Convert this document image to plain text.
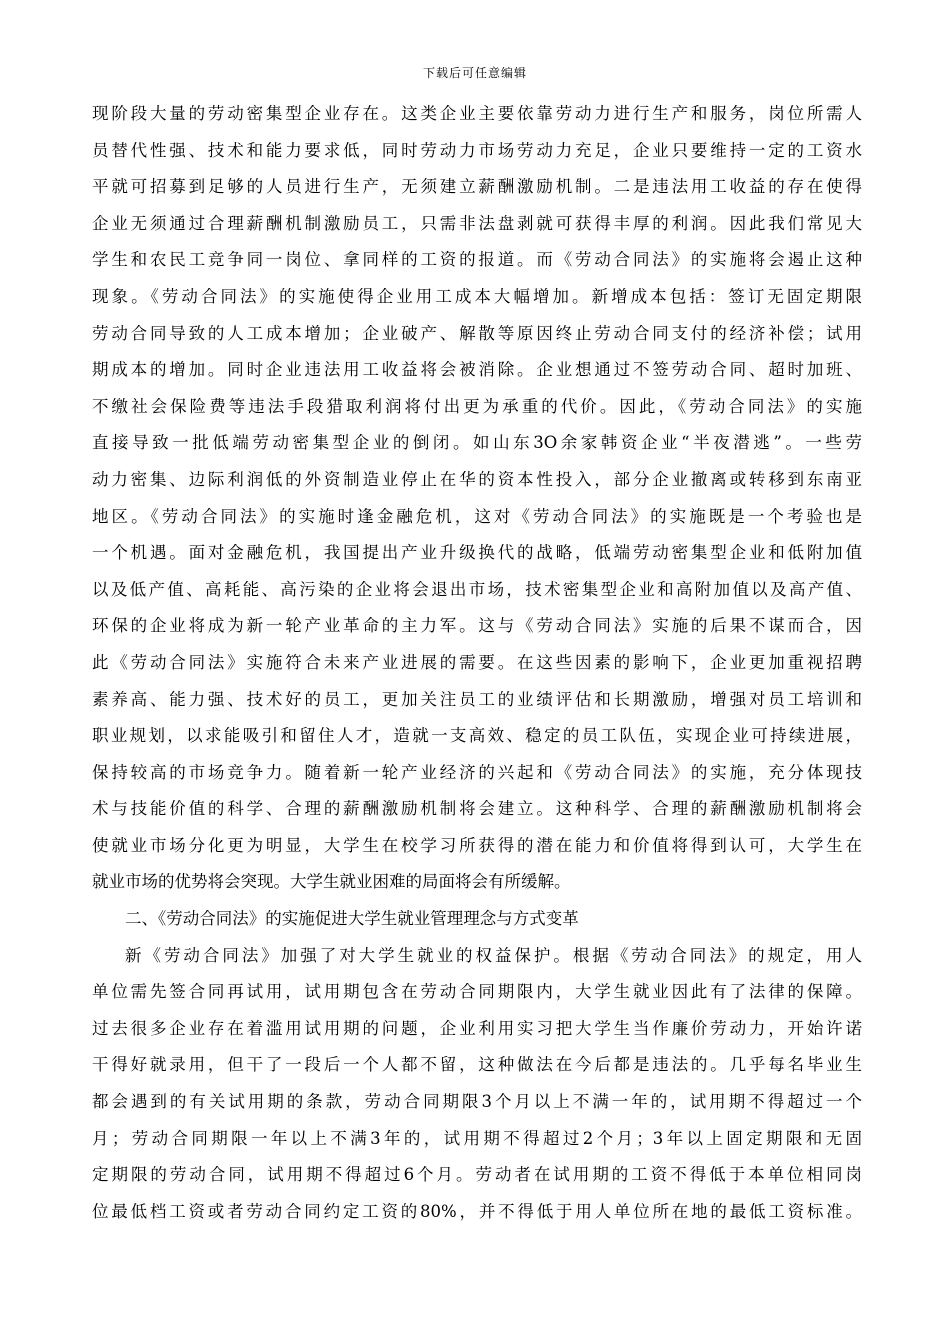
下载后可任意编辑
现阶段大量的劳动密集型企业存在。这类企业主要依靠劳动力进行生产和服务，岗位所需人
员替代性强、技术和能力要求低，同时劳动力市场劳动力充足，企业只要维持一定的工资水
平就可招募到足够的人员进行生产，无须建立薪酬激励机制。二是违法用工收益的存在使得
企业无须通过合理薪酬机制激励员工，只需非法盘剥就可获得丰厚的利润。因此我们常见大
学生和农民工竞争同一岗位、拿同样的工资的报道。而《劳动合同法》的实施将会遏止这种
现象。《劳动合同法》的实施使得企业用工成本大幅增加。新增成本包括：签订无固定期限
劳动合同导致的人工成本增加；企业破产、解散等原因终止劳动合同支付的经济补偿；试用
期成本的增加。同时企业违法用工收益将会被消除。企业想通过不签劳动合同、超时加班、
不缴社会保险费等违法手段猎取利润将付出更为承重的代价。因此，《劳动合同法》的实施
直接导致一批低端劳动密集型企业的倒闭。如山东3O余家韩资企业“半夜潜逃”。一些劳
动力密集、边际利润低的外资制造业停止在华的资本性投入，部分企业撤离或转移到东南亚
地区。《劳动合同法》的实施时逢金融危机，这对《劳动合同法》的实施既是一个考验也是
一个机遇。面对金融危机，我国提出产业升级换代的战略，低端劳动密集型企业和低附加值
以及低产值、高耗能、高污染的企业将会退出市场，技术密集型企业和高附加值以及高产值、
环保的企业将成为新一轮产业革命的主力军。这与《劳动合同法》实施的后果不谋而合，因
此《劳动合同法》实施符合未来产业进展的需要。在这些因素的影响下，企业更加重视招聘
素养高、能力强、技术好的员工，更加关注员工的业绩评估和长期激励，增强对员工培训和
职业规划，以求能吸引和留住人才，造就一支高效、稳定的员工队伍，实现企业可持续进展，
保持较高的市场竞争力。随着新一轮产业经济的兴起和《劳动合同法》的实施，充分体现技
术与技能价值的科学、合理的薪酬激励机制将会建立。这种科学、合理的薪酬激励机制将会
使就业市场分化更为明显，大学生在校学习所获得的潜在能力和价值将得到认可，大学生在
就业市场的优势将会突现。大学生就业困难的局面将会有所缓解。
二、《劳动合同法》的实施促进大学生就业管理理念与方式变革
新《劳动合同法》加强了对大学生就业的权益保护。根据《劳动合同法》的规定，用人
单位需先签合同再试用，试用期包含在劳动合同期限内，大学生就业因此有了法律的保障。
过去很多企业存在着滥用试用期的问题，企业利用实习把大学生当作廉价劳动力，开始许诺
干得好就录用，但干了一段后一个人都不留，这种做法在今后都是违法的。几乎每名毕业生
都会遇到的有关试用期的条款，劳动合同期限3个月以上不满一年的，试用期不得超过一个
月；劳动合同期限一年以上不满3年的，试用期不得超过2个月；3年以上固定期限和无固
定期限的劳动合同，试用期不得超过6个月。劳动者在试用期的工资不得低于本单位相同岗
位最低档工资或者劳动合同约定工资的80%，并不得低于用人单位所在地的最低工资标准。
